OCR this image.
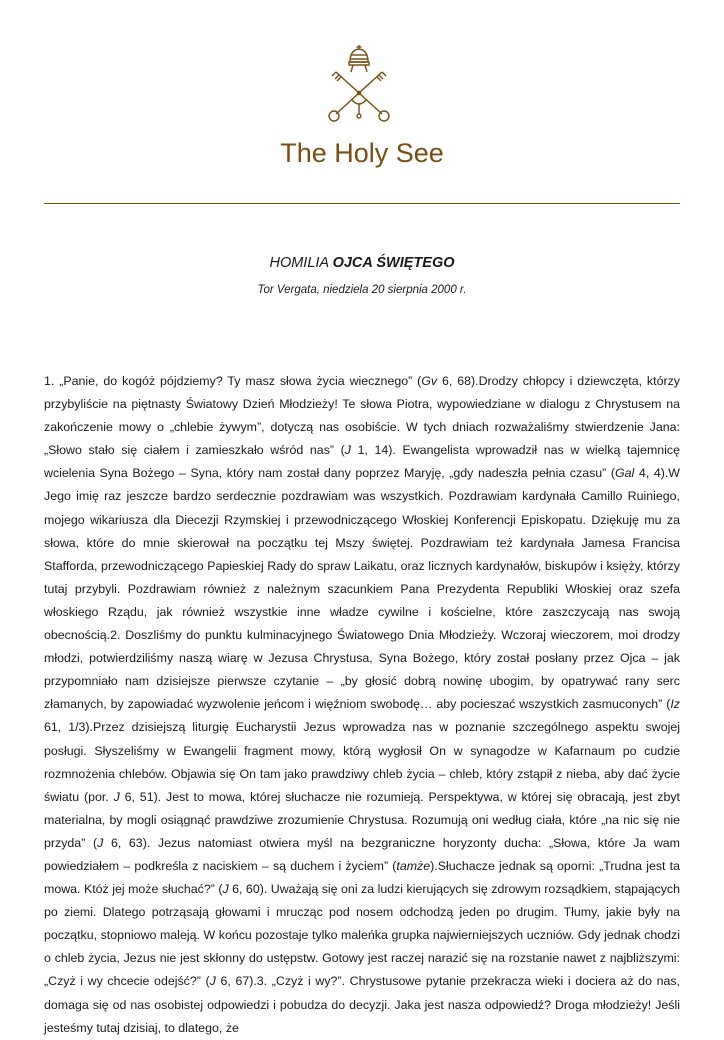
The Holy See
HOMILIA OJCA ŚWIĘTEGO
Tor Vergata, niedziela 20 sierpnia 2000 r.
1. „Panie, do kogóż pójdziemy? Ty masz słowa życia wiecznego” (Gv 6, 68).Drodzy chłopcy i dziewczęta, którzy przybyliście na piętnasty Światowy Dzień Młodzieży! Te słowa Piotra, wypowiedziane w dialogu z Chrystusem na zakończenie mowy o „chlebie żywym”, dotyczą nas osobiście. W tych dniach rozważaliśmy stwierdzenie Jana: „Słowo stało się ciałem i zamieszkało wśród nas” (J 1, 14). Ewangelista wprowadził nas w wielką tajemnicę wcielenia Syna Bożego – Syna, który nam został dany poprzez Maryję, „gdy nadeszła pełnia czasu” (Gal 4, 4).W Jego imię raz jeszcze bardzo serdecznie pozdrawiam was wszystkich. Pozdrawiam kardynała Camillo Ruiniego, mojego wikariusza dla Diecezji Rzymskiej i przewodniczącego Włoskiej Konferencji Episkopatu. Dziękuję mu za słowa, które do mnie skierował na początku tej Mszy świętej. Pozdrawiam też kardynała Jamesa Francisa Stafforda, przewodniczącego Papieskiej Rady do spraw Laikatu, oraz licznych kardynałów, biskupów i księży, którzy tutaj przybyli. Pozdrawiam również z należnym szacunkiem Pana Prezydenta Republiki Włoskiej oraz szefa włoskiego Rządu, jak również wszystkie inne władze cywilne i kościelne, które zaszczycają nas swoją obecnością.2. Doszliśmy do punktu kulminacyjnego Światowego Dnia Młodzieży. Wczoraj wieczorem, moi drodzy młodzi, potwierdziliśmy naszą wiarę w Jezusa Chrystusa, Syna Bożego, który został posłany przez Ojca – jak przypomniało nam dzisiejsze pierwsze czytanie – „by głosić dobrą nowinę ubogim, by opatrywać rany serc złamanych, by zapowiadać wyzwolenie jeńcom i więźniom swobodę… aby pocieszać wszystkich zasmuconych” (Iz 61, 1/3).Przez dzisiejszą liturgię Eucharystii Jezus wprowadza nas w poznanie szczególnego aspektu swojej posługi. Słyszeliśmy w Ewangelii fragment mowy, którą wygłosił On w synagodze w Kafarnaum po cudzie rozmnożenia chlebów. Objawia się On tam jako prawdziwy chleb życia – chleb, który zstąpił z nieba, aby dać życie światu (por. J 6, 51). Jest to mowa, której słuchacze nie rozumieją. Perspektywa, w której się obracają, jest zbyt materialna, by mogli osiągnąć prawdziwe zrozumienie Chrystusa. Rozumują oni według ciała, które „na nic się nie przyda” (J 6, 63). Jezus natomiast otwiera myśl na bezgraniczne horyzonty ducha: „Słowa, które Ja wam powiedziałem – podkreśla z naciskiem – są duchem i życiem” (tamże).Słuchacze jednak są oporni: „Trudna jest ta mowa. Któż jej może słuchać?” (J 6, 60). Uważają się oni za ludzi kierujących się zdrowym rozsądkiem, stąpających po ziemi. Dlatego potrząsają głowami i mrucząc pod nosem odchodzą jeden po drugim. Tłumy, jakie były na początku, stopniowo maleją. W końcu pozostaje tylko maleńka grupka najwierniejszych uczniów. Gdy jednak chodzi o chleb życia, Jezus nie jest skłonny do ustępstw. Gotowy jest raczej narazić się na rozstanie nawet z najbliższymi: „Czyż i wy chcecie odejść?” (J 6, 67).3. „Czyż i wy?”. Chrystusowe pytanie przekracza wieki i dociera aż do nas, domaga się od nas osobistej odpowiedzi i pobudza do decyzji. Jaka jest nasza odpowiedź? Droga młodzieży! Jeśli jesteśmy tutaj dzisiaj, to dlatego, że
